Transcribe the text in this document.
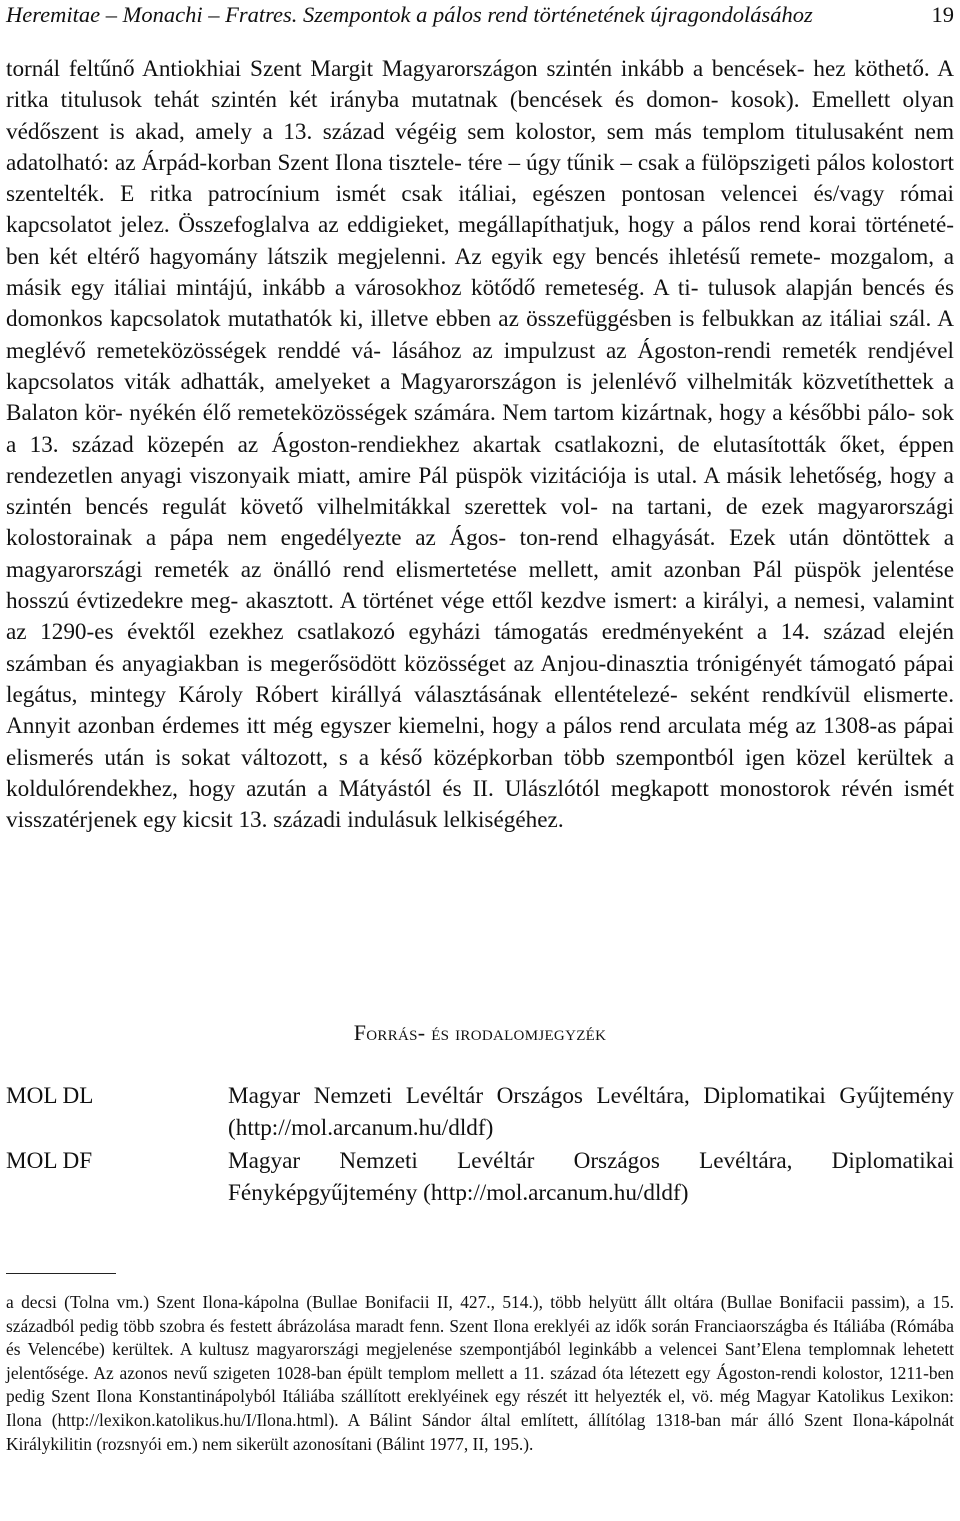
Heremitae – Monachi – Fratres. Szempontok a pálos rend történetének újragondolásához	19

tornál feltűnő Antiokhiai Szent Margit Magyarországon szintén inkább a bencések- hez köthető. A ritka titulusok tehát szintén két irányba mutatnak (bencések és domon- kosok). Emellett olyan védőszent is akad, amely a 13. század végéig sem kolostor, sem más templom titulusaként nem adatolható: az Árpád-korban Szent Ilona tisztele- tére – úgy tűnik – csak a fülöpszigeti pálos kolostort szentelték. E ritka patrocínium ismét csak itáliai, egészen pontosan velencei és/vagy római kapcsolatot jelez. Összefoglalva az eddigieket, megállapíthatjuk, hogy a pálos rend korai történeté- ben két eltérő hagyomány látszik megjelenni. Az egyik egy bencés ihletésű remete- mozgalom, a másik egy itáliai mintájú, inkább a városokhoz kötődő remeteség. A ti- tulusok alapján bencés és domonkos kapcsolatok mutathatók ki, illetve ebben az összefüggésben is felbukkan az itáliai szál. A meglévő remeteközösségek renddé vá- lásához az impulzust az Ágoston-rendi remeték rendjével kapcsolatos viták adhatták, amelyeket a Magyarországon is jelenlévő vilhelmiták közvetíthettek a Balaton kör- nyékén élő remeteközösségek számára. Nem tartom kizártnak, hogy a későbbi pálo- sok a 13. század közepén az Ágoston-rendiekhez akartak csatlakozni, de elutasították őket, éppen rendezetlen anyagi viszonyaik miatt, amire Pál püspök vizitációja is utal. A másik lehetőség, hogy a szintén bencés regulát követő vilhelmitákkal szerettek vol- na tartani, de ezek magyarországi kolostorainak a pápa nem engedélyezte az Ágos- ton-rend elhagyását. Ezek után döntöttek a magyarországi remeték az önálló rend elismertetése mellett, amit azonban Pál püspök jelentése hosszú évtizedekre meg- akasztott. A történet vége ettől kezdve ismert: a királyi, a nemesi, valamint az 1290-es évektől ezekhez csatlakozó egyházi támogatás eredményeként a 14. század elején számban és anyagiakban is megerősödött közösséget az Anjou-dinasztia trónigényét támogató pápai legátus, mintegy Károly Róbert királlyá választásának ellentételezé- seként rendkívül elismerte. Annyit azonban érdemes itt még egyszer kiemelni, hogy a pálos rend arculata még az 1308-as pápai elismerés után is sokat változott, s a késő középkorban több szempontból igen közel kerültek a koldulórendekhez, hogy azután a Mátyástól és II. Ulászlótól megkapott monostorok révén ismét visszatérjenek egy kicsit 13. századi indulásuk lelkiségéhez.

Forrás- és irodalomjegyzék
MOL DL	Magyar Nemzeti Levéltár Országos Levéltára, Diplomatikai Gyűjtemény (http://mol.arcanum.hu/dldf)
MOL DF	Magyar Nemzeti Levéltár Országos Levéltára, Diplomatikai Fényképgyűjtemény (http://mol.arcanum.hu/dldf)

a decsi (Tolna vm.) Szent Ilona-kápolna (Bullae Bonifacii II, 427., 514.), több helyütt állt oltára (Bullae Bonifacii passim), a 15. századból pedig több szobra és festett ábrázolása maradt fenn. Szent Ilona ereklyéi az idők során Franciaországba és Itáliába (Rómába és Velencébe) kerültek. A kultusz magyarországi megjelenése szempontjából leginkább a velencei Sant’Elena templomnak lehetett jelentősége. Az azonos nevű szigeten 1028-ban épült templom mellett a 11. század óta létezett egy Ágoston-rendi kolostor, 1211-ben pedig Szent Ilona Konstantinápolyból Itáliába szállított ereklyéinek egy részét itt helyezték el, vö. még Magyar Katolikus Lexikon: Ilona (http://lexikon.katolikus.hu/I/Ilona.html). A Bálint Sándor által említett, állítólag 1318-ban már álló Szent Ilona-kápolnát Királykilitin (rozsnyói em.) nem sikerült azonosítani (Bálint 1977, II, 195.).
